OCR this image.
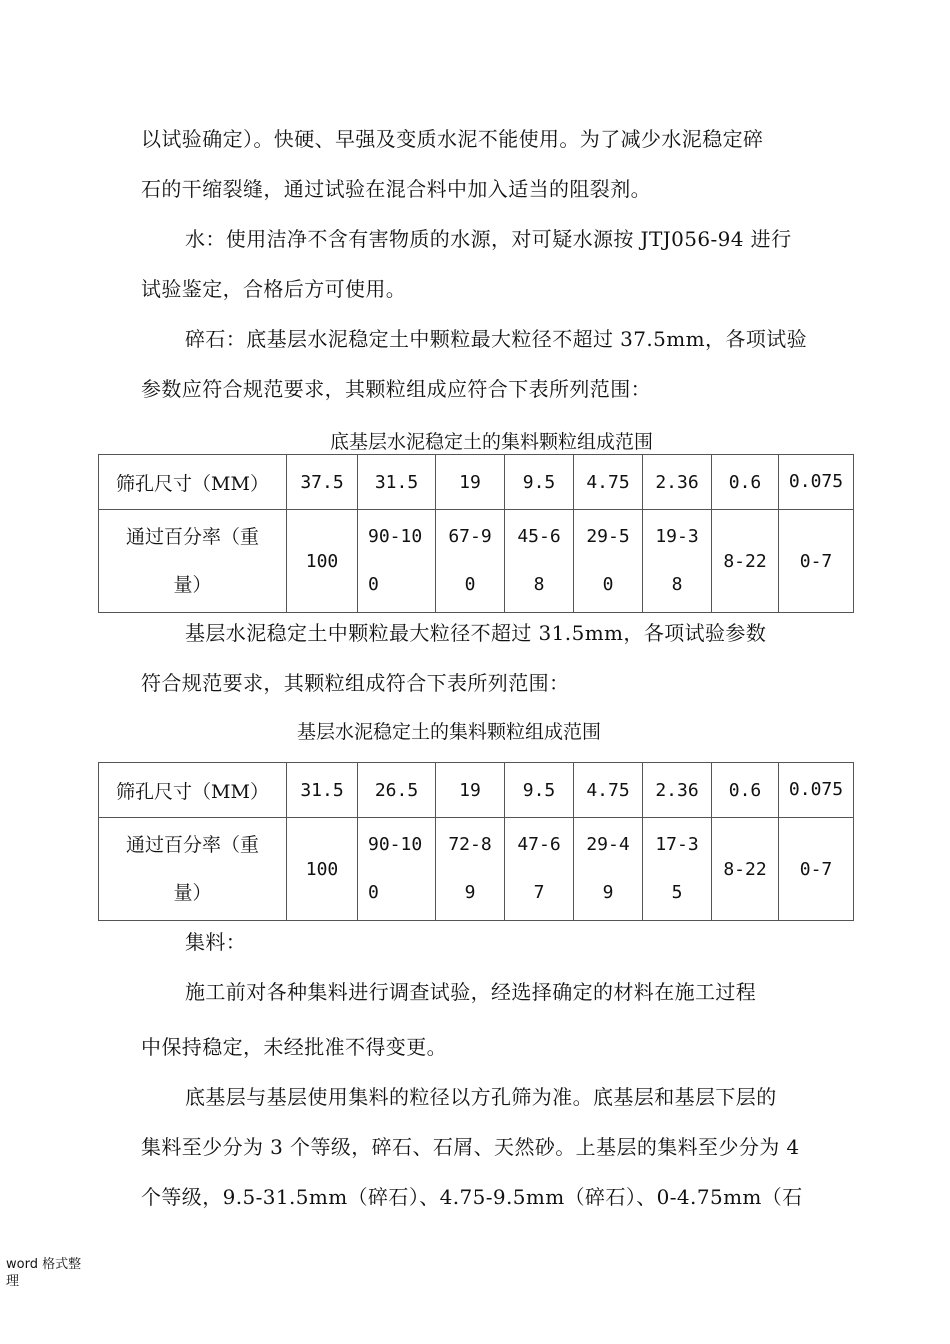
以试验确定）。快硬、早强及变质水泥不能使用。为了减少水泥稳定碎
石的干缩裂缝，通过试验在混合料中加入适当的阻裂剂。
水：使用洁净不含有害物质的水源，对可疑水源按 JTJ056-94 进行
试验鉴定，合格后方可使用。
碎石：底基层水泥稳定土中颗粒最大粒径不超过 37.5mm，各项试验
参数应符合规范要求，其颗粒组成应符合下表所列范围：
底基层水泥稳定土的集料颗粒组成范围
筛孔尺寸（MM）	37.5	31.5	19	9.5	4.75	2.36	0.6	0.075
通过百分率（重量）	100	90-100	67-90	45-68	29-50	19-38	8-22	0-7
基层水泥稳定土中颗粒最大粒径不超过 31.5mm，各项试验参数
符合规范要求，其颗粒组成符合下表所列范围：
基层水泥稳定土的集料颗粒组成范围
筛孔尺寸（MM）	31.5	26.5	19	9.5	4.75	2.36	0.6	0.075
通过百分率（重量）	100	90-100	72-89	47-67	29-49	17-35	8-22	0-7
集料：
施工前对各种集料进行调查试验，经选择确定的材料在施工过程
中保持稳定，未经批准不得变更。
底基层与基层使用集料的粒径以方孔筛为准。底基层和基层下层的
集料至少分为 3 个等级，碎石、石屑、天然砂。上基层的集料至少分为 4
个等级，9.5-31.5mm（碎石）、4.75-9.5mm（碎石）、0-4.75mm（石
word 格式整理
